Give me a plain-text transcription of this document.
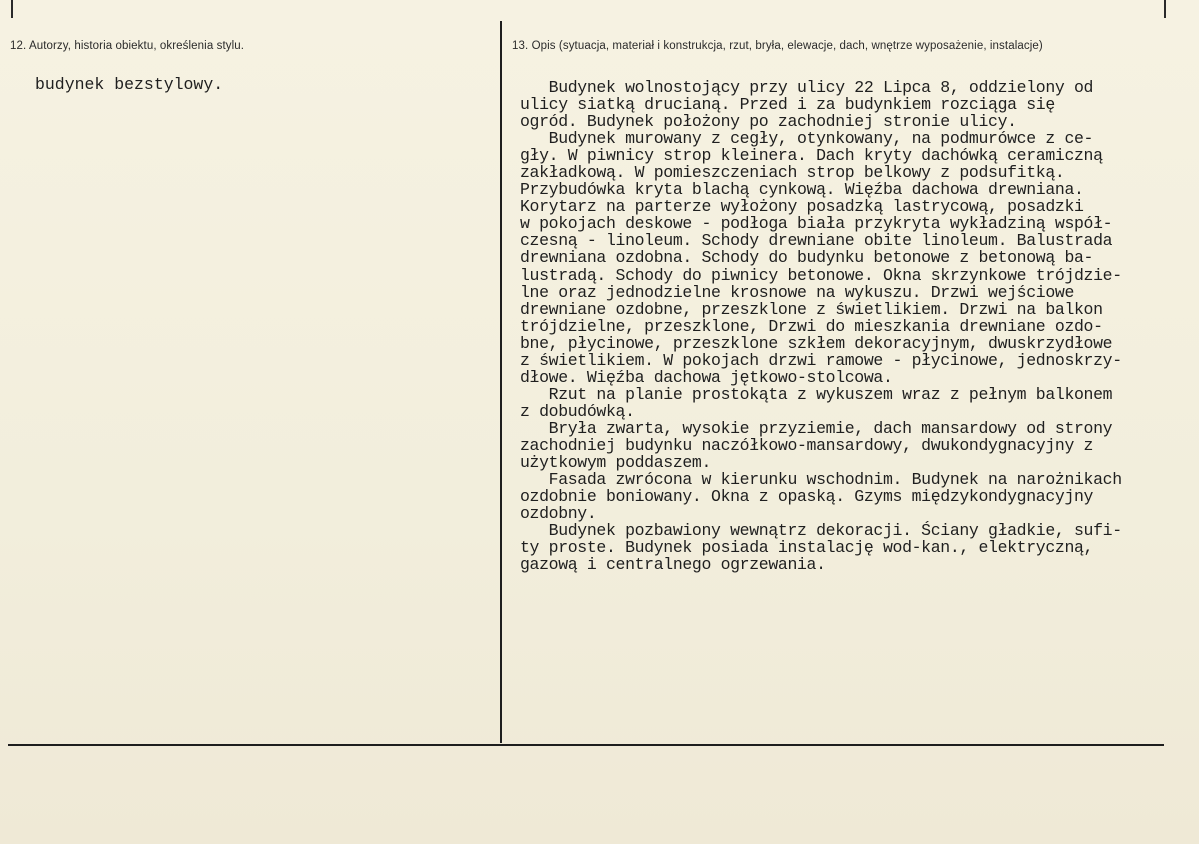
12. Autorzy, historia obiektu, określenia stylu.	13. Opis (sytuacja, materiał i konstrukcja, rzut, bryła, elewacje, dach, wnętrze wyposażenie, instalacje)
budynek bezstylowy.	Budynek wolnostojący przy ulicy 22 Lipca 8, oddzielony od
ulicy siatką drucianą. Przed i za budynkiem rozciąga się
ogród. Budynek położony po zachodniej stronie ulicy.
Budynek murowany z cegły, otynkowany, na podmurówce z ce-
gły. W piwnicy strop kleinera. Dach kryty dachówką ceramiczną
zakładkową. W pomieszczeniach strop belkowy z podsufitką.
Przybudówka kryta blachą cynkową. Więźba dachowa drewniana.
Korytarz na parterze wyłożony posadzką lastrycową, posadzki
w pokojach deskowe - podłoga biała przykryta wykładziną współ-
czesną - linoleum. Schody drewniane obite linoleum. Balustrada
drewniana ozdobna. Schody do budynku betonowe z betonową ba-
lustradą. Schody do piwnicy betonowe. Okna skrzynkowe trójdzie-
lne oraz jednodzielne krosnowe na wykuszu. Drzwi wejściowe
drewniane ozdobne, przeszklone z świetlikiem. Drzwi na balkon
trójdzielne, przeszklone, Drzwi do mieszkania drewniane ozdo-
bne, płycinowe, przeszklone szkłem dekoracyjnym, dwuskrzydłowe
z świetlikiem. W pokojach drzwi ramowe - płycinowe, jednoskrzy-
dłowe. Więźba dachowa jętkowo-stolcowa.
Rzut na planie prostokąta z wykuszem wraz z pełnym balkonem
z dobudówką.
Bryła zwarta, wysokie przyziemie, dach mansardowy od strony
zachodniej budynku naczółkowo-mansardowy, dwukondygnacyjny z
użytkowym poddaszem.
Fasada zwrócona w kierunku wschodnim. Budynek na narożnikach
ozdobnie boniowany. Okna z opaską. Gzyms międzykondygnacyjny
ozdobny.
Budynek pozbawiony wewnątrz dekoracji. Ściany gładkie, sufi-
ty proste. Budynek posiada instalację wod-kan., elektryczną,
gazową i centralnego ogrzewania.
